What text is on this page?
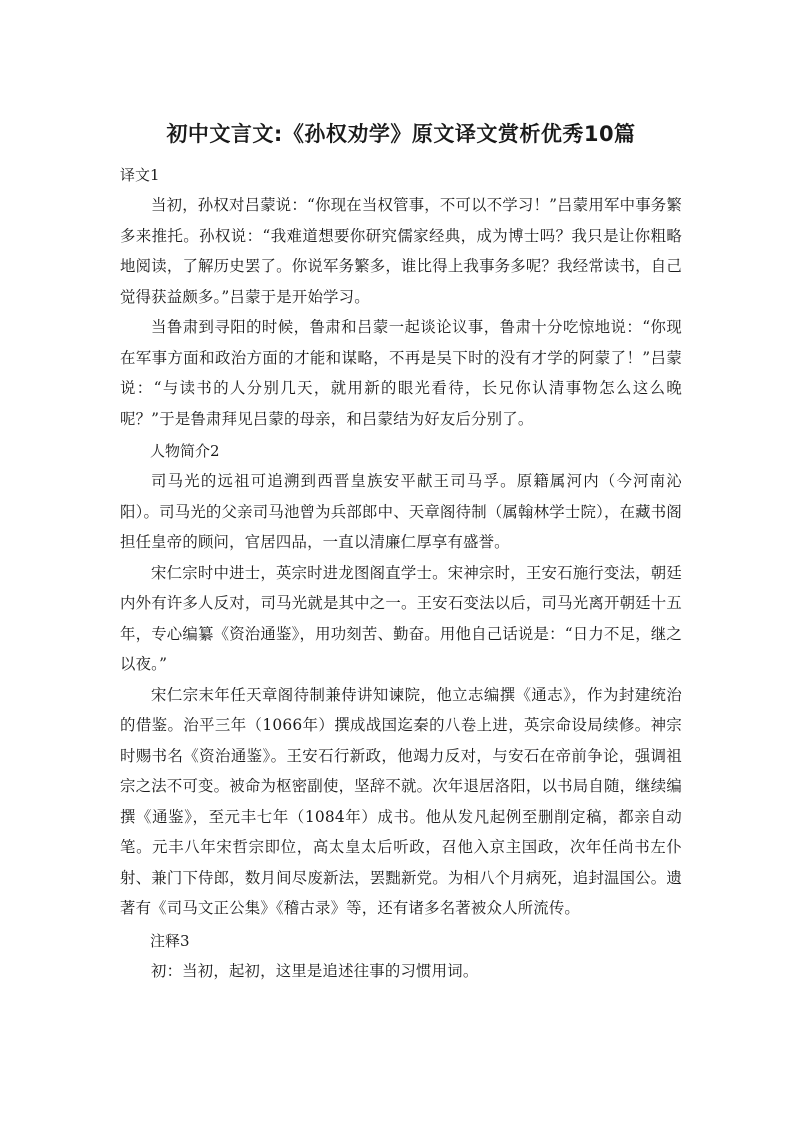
初中文言文:《孙权劝学》原文译文赏析优秀10篇

译文1

当初，孙权对吕蒙说：“你现在当权管事，不可以不学习！”吕蒙用军中事务繁多来推托。孙权说：“我难道想要你研究儒家经典，成为博士吗？我只是让你粗略地阅读，了解历史罢了。你说军务繁多，谁比得上我事务多呢？我经常读书，自己觉得获益颇多。”吕蒙于是开始学习。

当鲁肃到寻阳的时候，鲁肃和吕蒙一起谈论议事，鲁肃十分吃惊地说：“你现在军事方面和政治方面的才能和谋略，不再是吴下时的没有才学的阿蒙了！”吕蒙说：“与读书的人分别几天，就用新的眼光看待，长兄你认清事物怎么这么晚呢？”于是鲁肃拜见吕蒙的母亲，和吕蒙结为好友后分别了。

人物简介2

司马光的远祖可追溯到西晋皇族安平献王司马孚。原籍属河内（今河南沁阳）。司马光的父亲司马池曾为兵部郎中、天章阁待制（属翰林学士院），在藏书阁担任皇帝的顾问，官居四品，一直以清廉仁厚享有盛誉。

宋仁宗时中进士，英宗时进龙图阁直学士。宋神宗时，王安石施行变法，朝廷内外有许多人反对，司马光就是其中之一。王安石变法以后，司马光离开朝廷十五年，专心编纂《资治通鉴》，用功刻苦、勤奋。用他自己话说是：“日力不足，继之以夜。”

宋仁宗末年任天章阁待制兼侍讲知谏院，他立志编撰《通志》，作为封建统治的借鉴。治平三年（1066年）撰成战国迄秦的八卷上进，英宗命设局续修。神宗时赐书名《资治通鉴》。王安石行新政，他竭力反对，与安石在帝前争论，强调祖宗之法不可变。被命为枢密副使，坚辞不就。次年退居洛阳，以书局自随，继续编撰《通鉴》，至元丰七年（1084年）成书。他从发凡起例至删削定稿，都亲自动笔。元丰八年宋哲宗即位，高太皇太后听政，召他入京主国政，次年任尚书左仆射、兼门下侍郎，数月间尽废新法，罢黜新党。为相八个月病死，追封温国公。遗著有《司马文正公集》《稽古录》等，还有诸多名著被众人所流传。

注释3

初：当初，起初，这里是追述往事的习惯用词。
